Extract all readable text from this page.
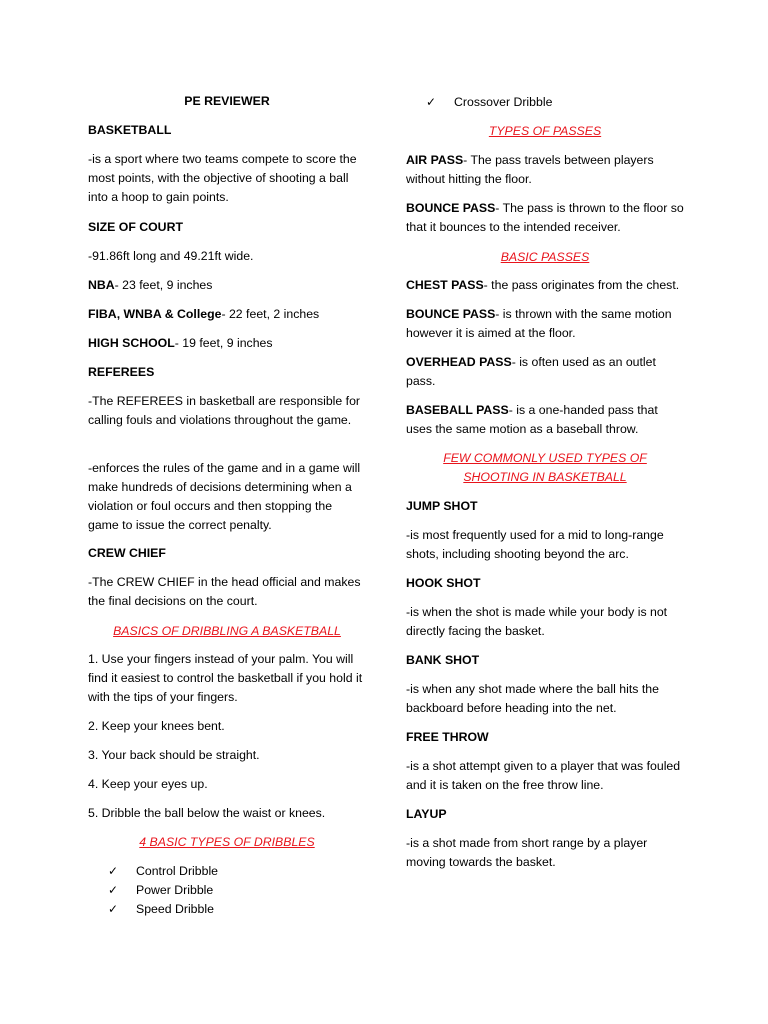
PE REVIEWER

BASKETBALL

-is a sport where two teams compete to score the most points, with the objective of shooting a ball into a hoop to gain points.

SIZE OF COURT

-91.86ft long and 49.21ft wide.

NBA- 23 feet, 9 inches

FIBA, WNBA & College- 22 feet, 2 inches

HIGH SCHOOL- 19 feet, 9 inches

REFEREES

-The REFEREES in basketball are responsible for calling fouls and violations throughout the game.

-enforces the rules of the game and in a game will make hundreds of decisions determining when a violation or foul occurs and then stopping the game to issue the correct penalty.

CREW CHIEF

-The CREW CHIEF in the head official and makes the final decisions on the court.

BASICS OF DRIBBLING A BASKETBALL

1. Use your fingers instead of your palm. You will find it easiest to control the basketball if you hold it with the tips of your fingers.

2. Keep your knees bent.

3. Your back should be straight.

4. Keep your eyes up.

5. Dribble the ball below the waist or knees.

4 BASIC TYPES OF DRIBBLES

✓ Control Dribble
✓ Power Dribble
✓ Speed Dribble
✓ Crossover Dribble

TYPES OF PASSES

AIR PASS- The pass travels between players without hitting the floor.

BOUNCE PASS- The pass is thrown to the floor so that it bounces to the intended receiver.

BASIC PASSES

CHEST PASS- the pass originates from the chest.

BOUNCE PASS- is thrown with the same motion however it is aimed at the floor.

OVERHEAD PASS- is often used as an outlet pass.

BASEBALL PASS- is a one-handed pass that uses the same motion as a baseball throw.

FEW COMMONLY USED TYPES OF SHOOTING IN BASKETBALL

JUMP SHOT

-is most frequently used for a mid to long-range shots, including shooting beyond the arc.

HOOK SHOT

-is when the shot is made while your body is not directly facing the basket.

BANK SHOT

-is when any shot made where the ball hits the backboard before heading into the net.

FREE THROW

-is a shot attempt given to a player that was fouled and it is taken on the free throw line.

LAYUP

-is a shot made from short range by a player moving towards the basket.
